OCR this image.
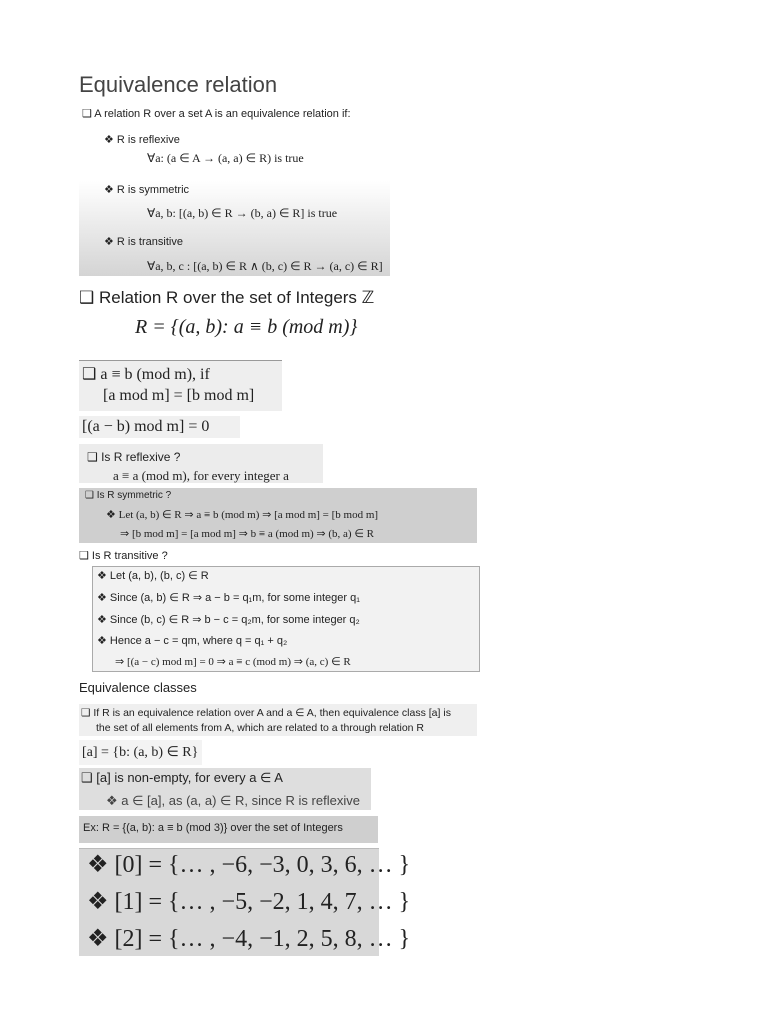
Equivalence relation
❑ A relation R over a set A is an equivalence relation if:
❖ R is reflexive
∀a: (a ∈ A → (a, a) ∈ R) is true
❖ R is symmetric
∀a, b: [(a, b) ∈ R → (b, a) ∈ R] is true
❖ R is transitive
∀a, b, c : [(a, b) ∈ R ∧ (b, c) ∈ R → (a, c) ∈ R]
❑ Relation R over the set of Integers ℤ
R = {(a, b): a ≡ b (mod m)}
❑ a ≡ b (mod m), if
[a mod m] = [b mod m]
[(a − b) mod m] = 0
❑ Is R reflexive ?
a ≡ a (mod m), for every integer a
❑ Is R symmetric ?
❖ Let (a, b) ∈ R ⇒ a ≡ b (mod m) ⇒ [a mod m] = [b mod m]
⇒ [b mod m] = [a mod m] ⇒ b ≡ a (mod m) ⇒ (b, a) ∈ R
❑ Is R transitive ?
❖ Let (a, b), (b, c) ∈ R
❖ Since (a, b) ∈ R ⇒ a − b = q₁m, for some integer q₁
❖ Since (b, c) ∈ R ⇒ b − c = q₂m, for some integer q₂
❖ Hence a − c = qm, where q = q₁ + q₂
⇒ [(a − c) mod m] = 0 ⇒ a ≡ c (mod m) ⇒ (a, c) ∈ R
Equivalence classes
❑ If R is an equivalence relation over A and a ∈ A, then equivalence class [a] is
the set of all elements from A, which are related to a through relation R
[a] = {b: (a, b) ∈ R}
❑ [a] is non-empty, for every a ∈ A
❖ a ∈ [a], as (a, a) ∈ R, since R is reflexive
Ex: R = {(a, b): a ≡ b (mod 3)} over the set of Integers
❖ [0] = {… , −6, −3, 0, 3, 6, … }
❖ [1] = {… , −5, −2, 1, 4, 7, … }
❖ [2] = {… , −4, −1, 2, 5, 8, … }
